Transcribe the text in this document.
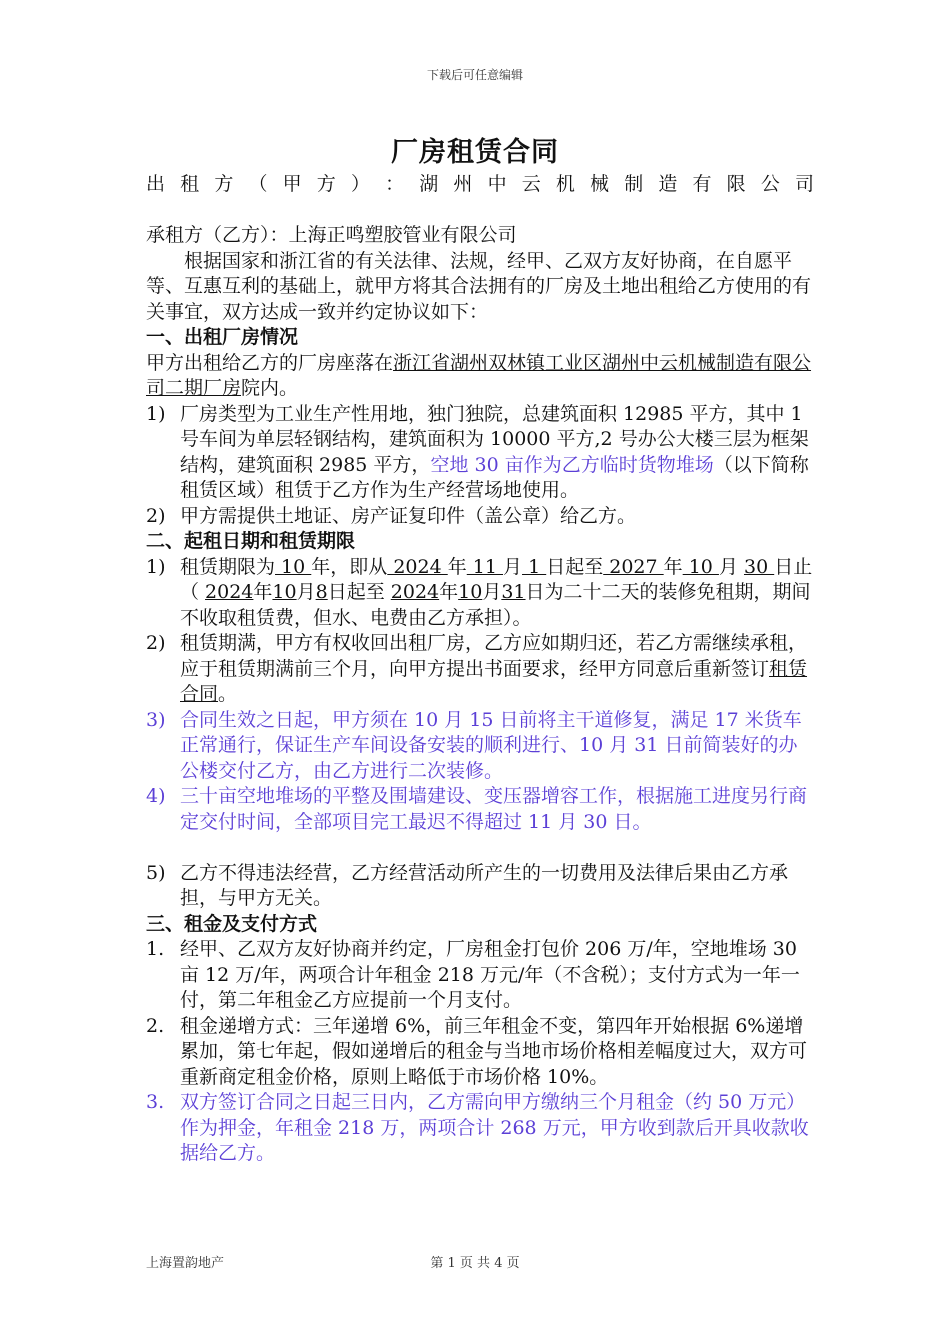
下载后可任意编辑
厂房租赁合同
出 租 方 （ 甲 方 ） ： 湖 州 中 云 机 械 制 造 有 限 公 司

承租方（乙方）：上海正鸣塑胶管业有限公司

根据国家和浙江省的有关法律、法规，经甲、乙双方友好协商，在自愿平等、互惠互利的基础上，就甲方将其合法拥有的厂房及土地出租给乙方使用的有关事宜，双方达成一致并约定协议如下：

一、出租厂房情况

甲方出租给乙方的厂房座落在浙江省湖州双林镇工业区湖州中云机械制造有限公司二期厂房院内。

1) 厂房类型为工业生产性用地，独门独院，总建筑面积 12985 平方，其中 1 号车间为单层轻钢结构，建筑面积为 10000 平方,2 号办公大楼三层为框架结构，建筑面积 2985 平方，空地 30 亩作为乙方临时货物堆场（以下简称租赁区域）租赁于乙方作为生产经营场地使用。
2) 甲方需提供土地证、房产证复印件（盖公章）给乙方。

二、起租日期和租赁期限

1) 租赁期限为 10 年，即从 2024 年 11 月 1 日起至 2027 年 10 月 30 日止（ 2024年10月8日起至 2024年10月31日为二十二天的装修免租期，期间不收取租赁费，但水、电费由乙方承担）。
2) 租赁期满，甲方有权收回出租厂房，乙方应如期归还，若乙方需继续承租，应于租赁期满前三个月，向甲方提出书面要求，经甲方同意后重新签订租赁合同。
3) 合同生效之日起，甲方须在 10 月 15 日前将主干道修复，满足 17 米货车正常通行，保证生产车间设备安装的顺利进行、10 月 31 日前简装好的办公楼交付乙方，由乙方进行二次装修。
4) 三十亩空地堆场的平整及围墙建设、变压器增容工作，根据施工进度另行商定交付时间，全部项目完工最迟不得超过 11 月 30 日。
5) 乙方不得违法经营，乙方经营活动所产生的一切费用及法律后果由乙方承担，与甲方无关。

三、租金及支付方式

1. 经甲、乙双方友好协商并约定，厂房租金打包价 206 万/年，空地堆场 30 亩 12 万/年，两项合计年租金 218 万元/年（不含税）；支付方式为一年一付，第二年租金乙方应提前一个月支付。
2. 租金递增方式：三年递增 6%，前三年租金不变，第四年开始根据 6%递增累加，第七年起，假如递增后的租金与当地市场价格相差幅度过大，双方可重新商定租金价格，原则上略低于市场价格 10%。
3. 双方签订合同之日起三日内，乙方需向甲方缴纳三个月租金（约 50 万元）作为押金，年租金 218 万，两项合计 268 万元，甲方收到款后开具收款收据给乙方。
上海置韵地产	第 1 页 共 4 页
